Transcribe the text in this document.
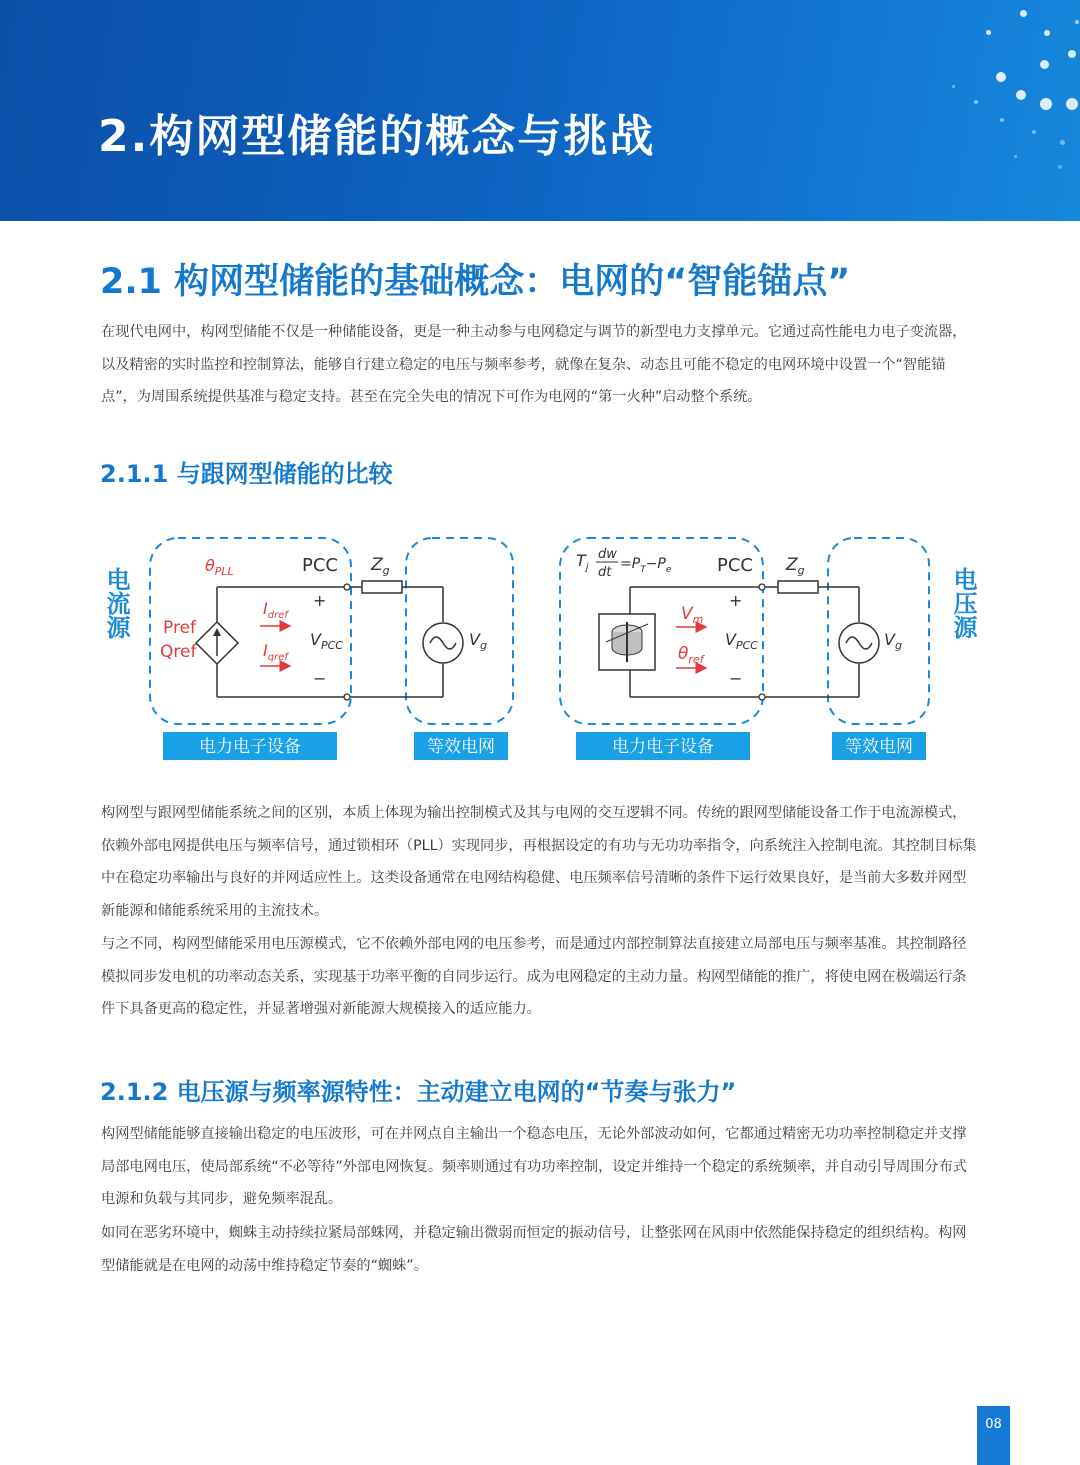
2.构网型储能的概念与挑战
2.1 构网型储能的基础概念：电网的“智能锚点”

在现代电网中，构网型储能不仅是一种储能设备，更是一种主动参与电网稳定与调节的新型电力支撑单元。它通过高性能电力电子变流器，以及精密的实时监控和控制算法，能够自行建立稳定的电压与频率参考，就像在复杂、动态且可能不稳定的电网环境中设置一个“智能锚点”，为周围系统提供基准与稳定支持。甚至在完全失电的情况下可作为电网的“第一火种”启动整个系统。

2.1.1 与跟网型储能的比较
电流源
$\theta_{PLL}$	PCC $Z_g$
Pref
Qref
$I_{dref}$
$I_{qref}$
+
−
$V_{PCC}$	$V_g$
电力电子设备	等效电网
$T_j$
dw
dt
$=P_T-P_e$	PCC $Z_g$
$V_m$
$\theta_{ref}$
+
−
$V_{PCC}$	$V_g$
电压源
电力电子设备	等效电网

构网型与跟网型储能系统之间的区别，本质上体现为输出控制模式及其与电网的交互逻辑不同。传统的跟网型储能设备工作于电流源模式，依赖外部电网提供电压与频率信号，通过锁相环（PLL）实现同步，再根据设定的有功与无功功率指令，向系统注入控制电流。其控制目标集中在稳定功率输出与良好的并网适应性上。这类设备通常在电网结构稳健、电压频率信号清晰的条件下运行效果良好，是当前大多数并网型新能源和储能系统采用的主流技术。

与之不同，构网型储能采用电压源模式，它不依赖外部电网的电压参考，而是通过内部控制算法直接建立局部电压与频率基准。其控制路径模拟同步发电机的功率动态关系，实现基于功率平衡的自同步运行。成为电网稳定的主动力量。构网型储能的推广，将使电网在极端运行条件下具备更高的稳定性，并显著增强对新能源大规模接入的适应能力。

2.1.2 电压源与频率源特性：主动建立电网的“节奏与张力”

构网型储能能够直接输出稳定的电压波形，可在并网点自主输出一个稳态电压，无论外部波动如何，它都通过精密无功功率控制稳定并支撑局部电网电压，使局部系统“不必等待”外部电网恢复。频率则通过有功功率控制，设定并维持一个稳定的系统频率，并自动引导周围分布式电源和负载与其同步，避免频率混乱。

如同在恶劣环境中，蜘蛛主动持续拉紧局部蛛网，并稳定输出微弱而恒定的振动信号，让整张网在风雨中依然能保持稳定的组织结构。构网型储能就是在电网的动荡中维持稳定节奏的“蜘蛛”。

08
